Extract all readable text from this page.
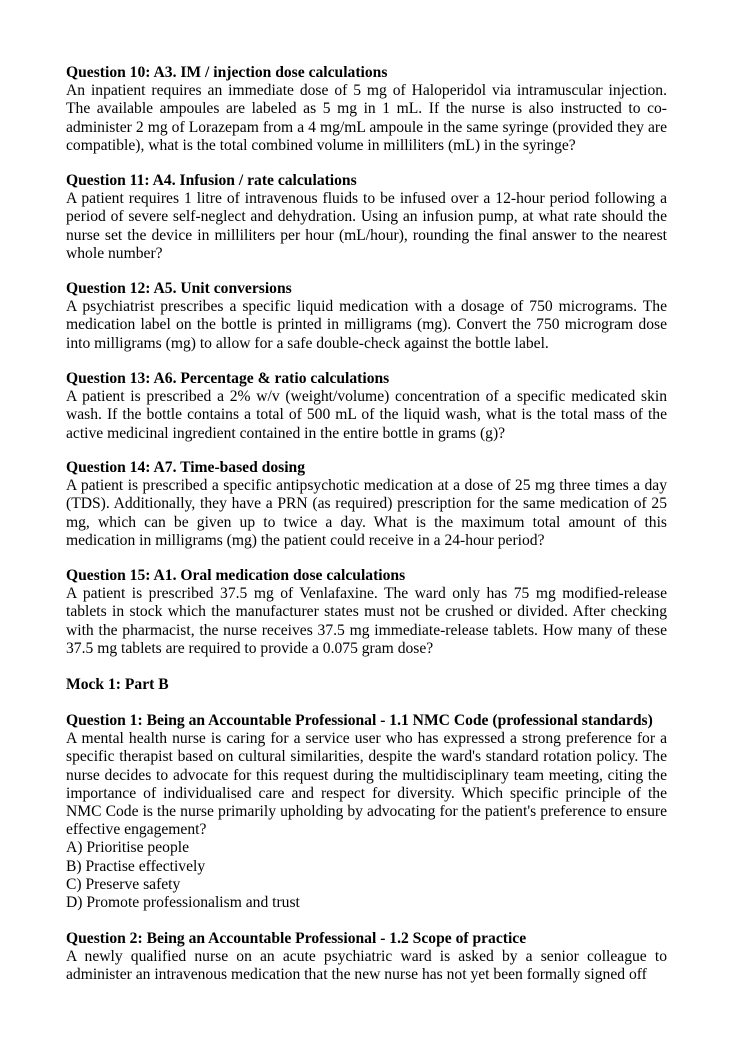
Question 10: A3. IM / injection dose calculations
An inpatient requires an immediate dose of 5 mg of Haloperidol via intramuscular injection. The available ampoules are labeled as 5 mg in 1 mL. If the nurse is also instructed to co-administer 2 mg of Lorazepam from a 4 mg/mL ampoule in the same syringe (provided they are compatible), what is the total combined volume in milliliters (mL) in the syringe?
Question 11: A4. Infusion / rate calculations
A patient requires 1 litre of intravenous fluids to be infused over a 12-hour period following a period of severe self-neglect and dehydration. Using an infusion pump, at what rate should the nurse set the device in milliliters per hour (mL/hour), rounding the final answer to the nearest whole number?
Question 12: A5. Unit conversions
A psychiatrist prescribes a specific liquid medication with a dosage of 750 micrograms. The medication label on the bottle is printed in milligrams (mg). Convert the 750 microgram dose into milligrams (mg) to allow for a safe double-check against the bottle label.
Question 13: A6. Percentage & ratio calculations
A patient is prescribed a 2% w/v (weight/volume) concentration of a specific medicated skin wash. If the bottle contains a total of 500 mL of the liquid wash, what is the total mass of the active medicinal ingredient contained in the entire bottle in grams (g)?
Question 14: A7. Time-based dosing
A patient is prescribed a specific antipsychotic medication at a dose of 25 mg three times a day (TDS). Additionally, they have a PRN (as required) prescription for the same medication of 25 mg, which can be given up to twice a day. What is the maximum total amount of this medication in milligrams (mg) the patient could receive in a 24-hour period?
Question 15: A1. Oral medication dose calculations
A patient is prescribed 37.5 mg of Venlafaxine. The ward only has 75 mg modified-release tablets in stock which the manufacturer states must not be crushed or divided. After checking with the pharmacist, the nurse receives 37.5 mg immediate-release tablets. How many of these 37.5 mg tablets are required to provide a 0.075 gram dose?
Mock 1: Part B
Question 1: Being an Accountable Professional - 1.1 NMC Code (professional standards)
A mental health nurse is caring for a service user who has expressed a strong preference for a specific therapist based on cultural similarities, despite the ward's standard rotation policy. The nurse decides to advocate for this request during the multidisciplinary team meeting, citing the importance of individualised care and respect for diversity. Which specific principle of the NMC Code is the nurse primarily upholding by advocating for the patient's preference to ensure effective engagement?
A) Prioritise people
B) Practise effectively
C) Preserve safety
D) Promote professionalism and trust
Question 2: Being an Accountable Professional - 1.2 Scope of practice
A newly qualified nurse on an acute psychiatric ward is asked by a senior colleague to administer an intravenous medication that the new nurse has not yet been formally signed off
